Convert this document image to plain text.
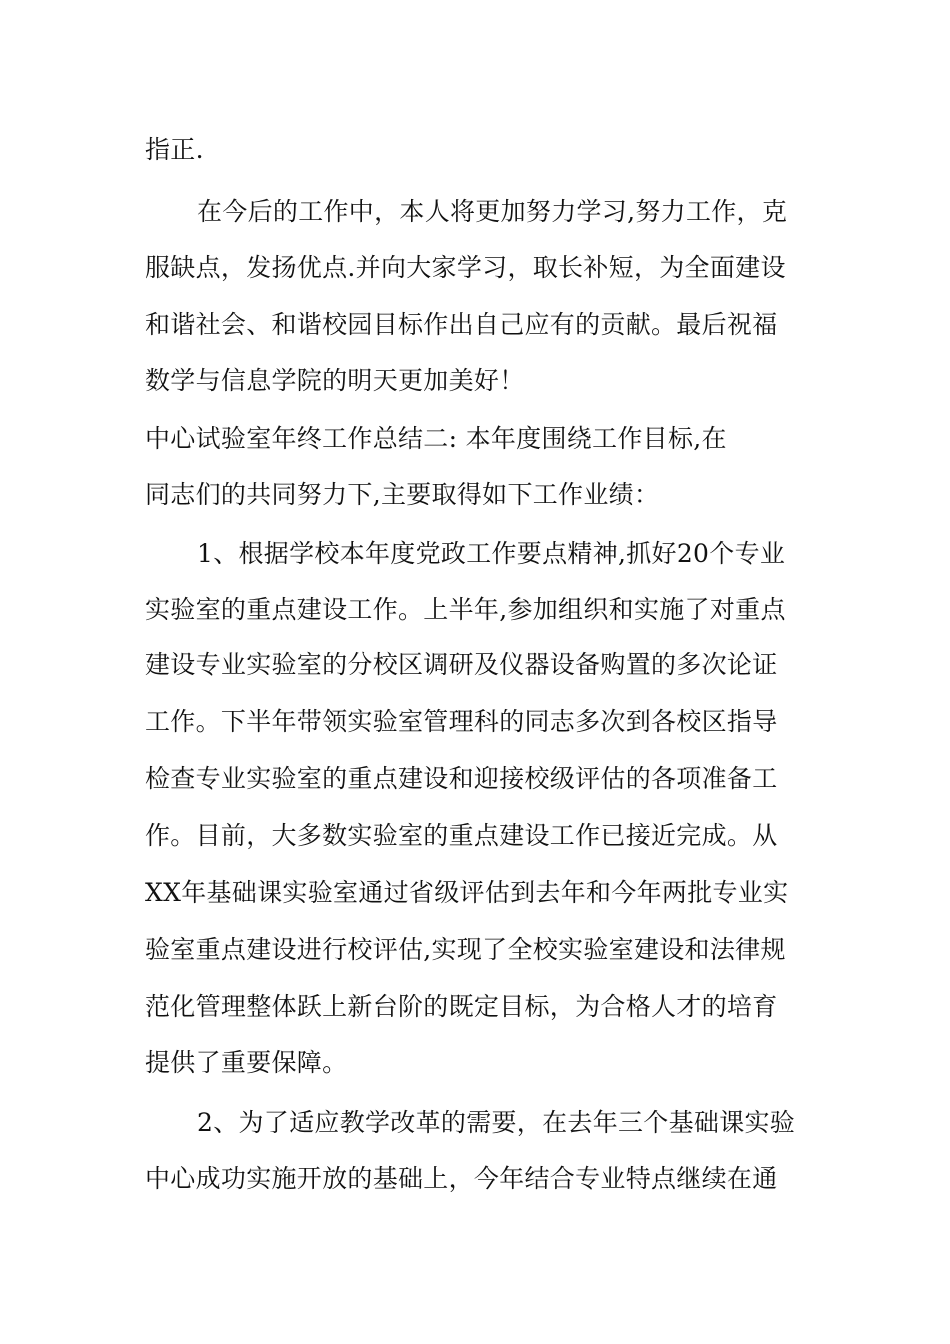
指正.
在今后的工作中，本人将更加努力学习,努力工作，克
服缺点，发扬优点.并向大家学习，取长补短，为全面建设
和谐社会、和谐校园目标作出自己应有的贡献。最后祝福
数学与信息学院的明天更加美好！
中心试验室年终工作总结二: 本年度围绕工作目标,在
同志们的共同努力下,主要取得如下工作业绩：
1、根据学校本年度党政工作要点精神,抓好20个专业
实验室的重点建设工作。上半年,参加组织和实施了对重点
建设专业实验室的分校区调研及仪器设备购置的多次论证
工作。下半年带领实验室管理科的同志多次到各校区指导
检查专业实验室的重点建设和迎接校级评估的各项准备工
作。目前，大多数实验室的重点建设工作已接近完成。从
XX年基础课实验室通过省级评估到去年和今年两批专业实
验室重点建设进行校评估,实现了全校实验室建设和法律规
范化管理整体跃上新台阶的既定目标，为合格人才的培育
提供了重要保障。
2、为了适应教学改革的需要，在去年三个基础课实验
中心成功实施开放的基础上，今年结合专业特点继续在通
